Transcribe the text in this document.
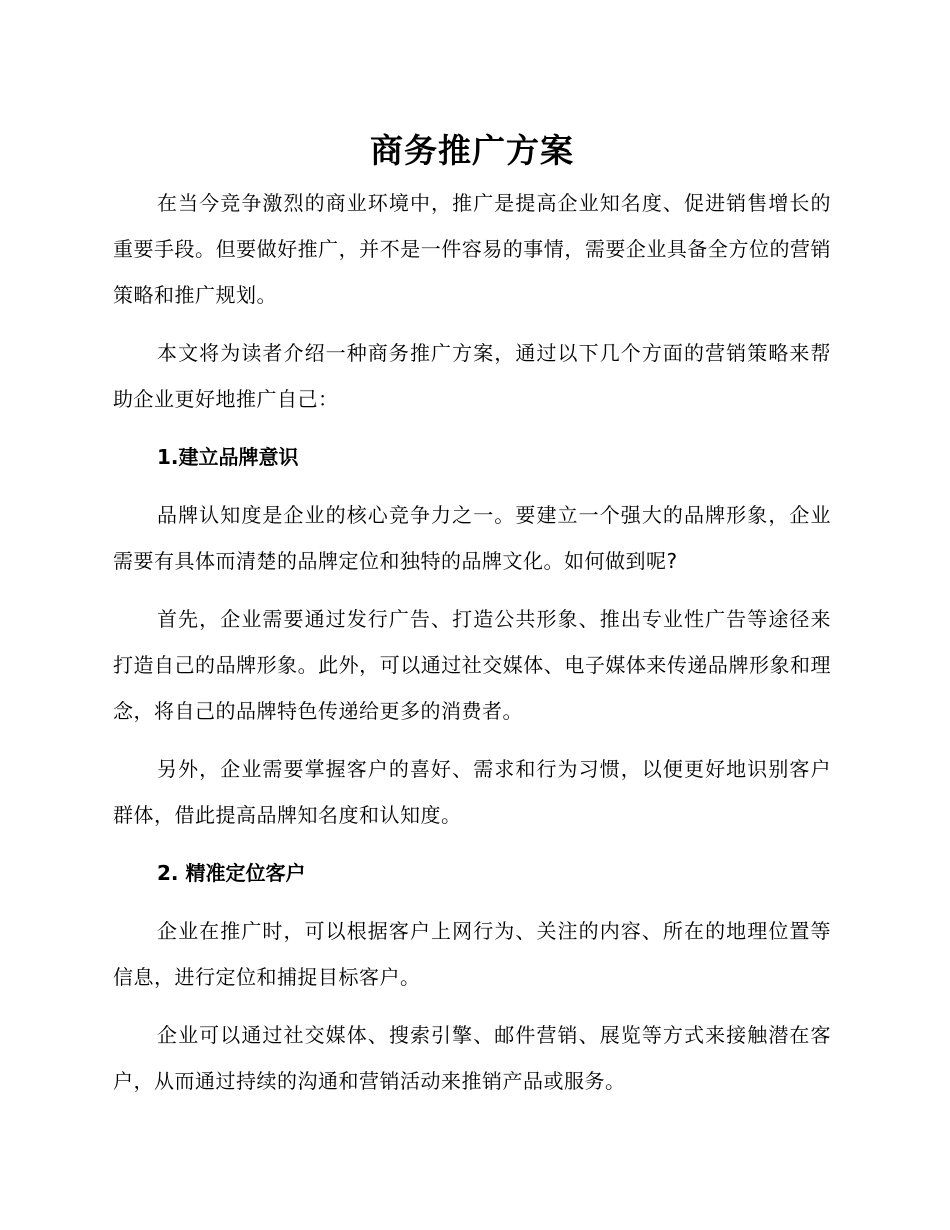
商务推广方案

在当今竞争激烈的商业环境中，推广是提高企业知名度、促进销售增长的重要手段。但要做好推广，并不是一件容易的事情，需要企业具备全方位的营销策略和推广规划。

本文将为读者介绍一种商务推广方案，通过以下几个方面的营销策略来帮助企业更好地推广自己：

1.建立品牌意识

品牌认知度是企业的核心竞争力之一。要建立一个强大的品牌形象，企业需要有具体而清楚的品牌定位和独特的品牌文化。如何做到呢?

首先，企业需要通过发行广告、打造公共形象、推出专业性广告等途径来打造自己的品牌形象。此外，可以通过社交媒体、电子媒体来传递品牌形象和理念，将自己的品牌特色传递给更多的消费者。

另外，企业需要掌握客户的喜好、需求和行为习惯，以便更好地识别客户群体，借此提高品牌知名度和认知度。

2. 精准定位客户

企业在推广时，可以根据客户上网行为、关注的内容、所在的地理位置等信息，进行定位和捕捉目标客户。

企业可以通过社交媒体、搜索引擎、邮件营销、展览等方式来接触潜在客户，从而通过持续的沟通和营销活动来推销产品或服务。
